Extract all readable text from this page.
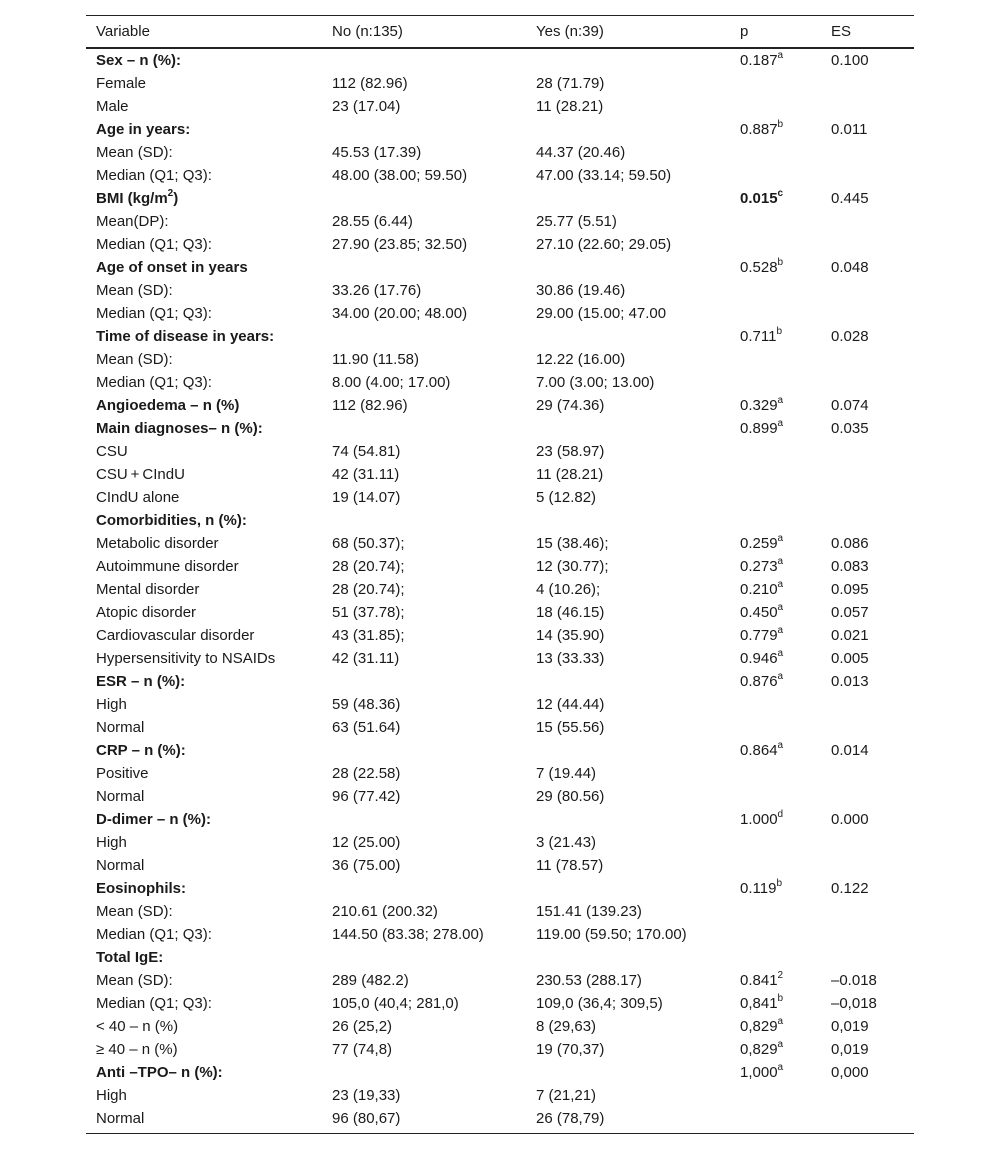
Variable	No (n:135)	Yes (n:39)	p	ES
Sex – n (%):			0.187$^a$	0.100
Female	112 (82.96)	28 (71.79)		
Male	23 (17.04)	11 (28.21)		
Age in years:			0.887$^b$	0.011
Mean (SD):	45.53 (17.39)	44.37 (20.46)		
Median (Q1; Q3):	48.00 (38.00; 59.50)	47.00 (33.14; 59.50)		
BMI $(kg/m^2)$			0.015$^c$	0.445
Mean(DP):	28.55 (6.44)	25.77 (5.51)		
Median (Q1; Q3):	27.90 (23.85; 32.50)	27.10 (22.60; 29.05)		
Age of onset in years			0.528$^b$	0.048
Mean (SD):	33.26 (17.76)	30.86 (19.46)		
Median (Q1; Q3):	34.00 (20.00; 48.00)	29.00 (15.00; 47.00		
Time of disease in years:			0.711$^b$	0.028
Mean (SD):	11.90 (11.58)	12.22 (16.00)		
Median (Q1; Q3):	8.00 (4.00; 17.00)	7.00 (3.00; 13.00)		
Angioedema – n (%)	112 (82.96)	29 (74.36)	0.329$^a$	0.074
Main diagnoses– n (%):			0.899$^a$	0.035
CSU	74 (54.81)	23 (58.97)		
CSU + CIndU	42 (31.11)	11 (28.21)		
CIndU alone	19 (14.07)	5 (12.82)		
Comorbidities, n (%):				
Metabolic disorder	68 (50.37);	15 (38.46);	0.259$^a$	0.086
Autoimmune disorder	28 (20.74);	12 (30.77);	0.273$^a$	0.083
Mental disorder	28 (20.74);	4 (10.26);	0.210$^a$	0.095
Atopic disorder	51 (37.78);	18 (46.15)	0.450$^a$	0.057
Cardiovascular disorder	43 (31.85);	14 (35.90)	0.779$^a$	0.021
Hypersensitivity to NSAIDs	42 (31.11)	13 (33.33)	0.946$^a$	0.005
ESR – n (%):			0.876$^a$	0.013
High	59 (48.36)	12 (44.44)		
Normal	63 (51.64)	15 (55.56)		
CRP – n (%):			0.864$^a$	0.014
Positive	28 (22.58)	7 (19.44)		
Normal	96 (77.42)	29 (80.56)		
D-dimer – n (%):			1.000$^d$	0.000
High	12 (25.00)	3 (21.43)		
Normal	36 (75.00)	11 (78.57)		
Eosinophils:			0.119$^b$	0.122
Mean (SD):	210.61 (200.32)	151.41 (139.23)		
Median (Q1; Q3):	144.50 (83.38; 278.00)	119.00 (59.50; 170.00)		
Total IgE:				
Mean (SD):	289 (482.2)	230.53 (288.17)	0.841$^2$	–0.018
Median (Q1; Q3):	105,0 (40,4; 281,0)	109,0 (36,4; 309,5)	0,841$^b$	–0,018
< 40 – n (%)	26 (25,2)	8 (29,63)	0,829$^a$	0,019
≥ 40 – n (%)	77 (74,8)	19 (70,37)	0,829$^a$	0,019
Anti –TPO– n (%):			1,000$^a$	0,000
High	23 (19,33)	7 (21,21)		
Normal	96 (80,67)	26 (78,79)		
